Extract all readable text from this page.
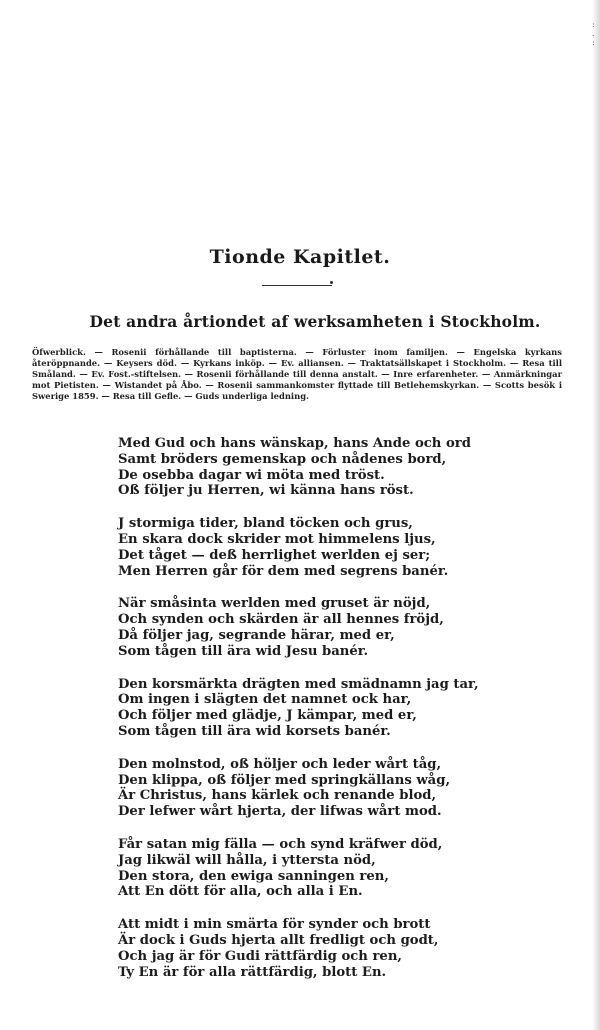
:
.
:
Tionde Kapitlet.
Det andra årtiondet af werksamheten i Stockholm.
Öfwerblick. — Rosenii förhållande till baptisterna. — Förluster inom familjen. — Engelska kyrkans återöppnande. — Keysers död. — Kyrkans inköp. — Ev. alliansen. — Traktatsällskapet i Stockholm. — Resa till Småland. — Ev. Fost.-stiftelsen. — Rosenii förhållande till denna anstalt. — Inre erfarenheter. — Anmärkningar mot Pietisten. — Wistandet på Åbo. — Rosenii sammankomster flyttade till Betlehemskyrkan. — Scotts besök i Swerige 1859. — Resa till Gefle. — Guds underliga ledning.
Med Gud och hans wänskap, hans Ande och ord
Samt bröders gemenskap och nådenes bord,
De osebba dagar wi möta med tröst.
Oß följer ju Herren, wi känna hans röst.
J stormiga tider, bland töcken och grus,
En skara dock skrider mot himmelens ljus,
Det tåget — deß herrlighet werlden ej ser;
Men Herren går för dem med segrens banér.
När småsinta werlden med gruset är nöjd,
Och synden och skärden är all hennes fröjd,
Då följer jag, segrande härar, med er,
Som tågen till ära wid Jesu banér.
Den korsmärkta drägten med smädnamn jag tar,
Om ingen i slägten det namnet ock har,
Och följer med glädje, J kämpar, med er,
Som tågen till ära wid korsets banér.
Den molnstod, oß höljer och leder wårt tåg,
Den klippa, oß följer med springkällans wåg,
Är Christus, hans kärlek och renande blod,
Der lefwer wårt hjerta, der lifwas wårt mod.
Får satan mig fälla — och synd kräfwer död,
Jag likwäl will hålla, i yttersta nöd,
Den stora, den ewiga sanningen ren,
Att En dött för alla, och alla i En.
Att midt i min smärta för synder och brott
Är dock i Guds hjerta allt fredligt och godt,
Och jag är för Gudi rättfärdig och ren,
Ty En är för alla rättfärdig, blott En.
